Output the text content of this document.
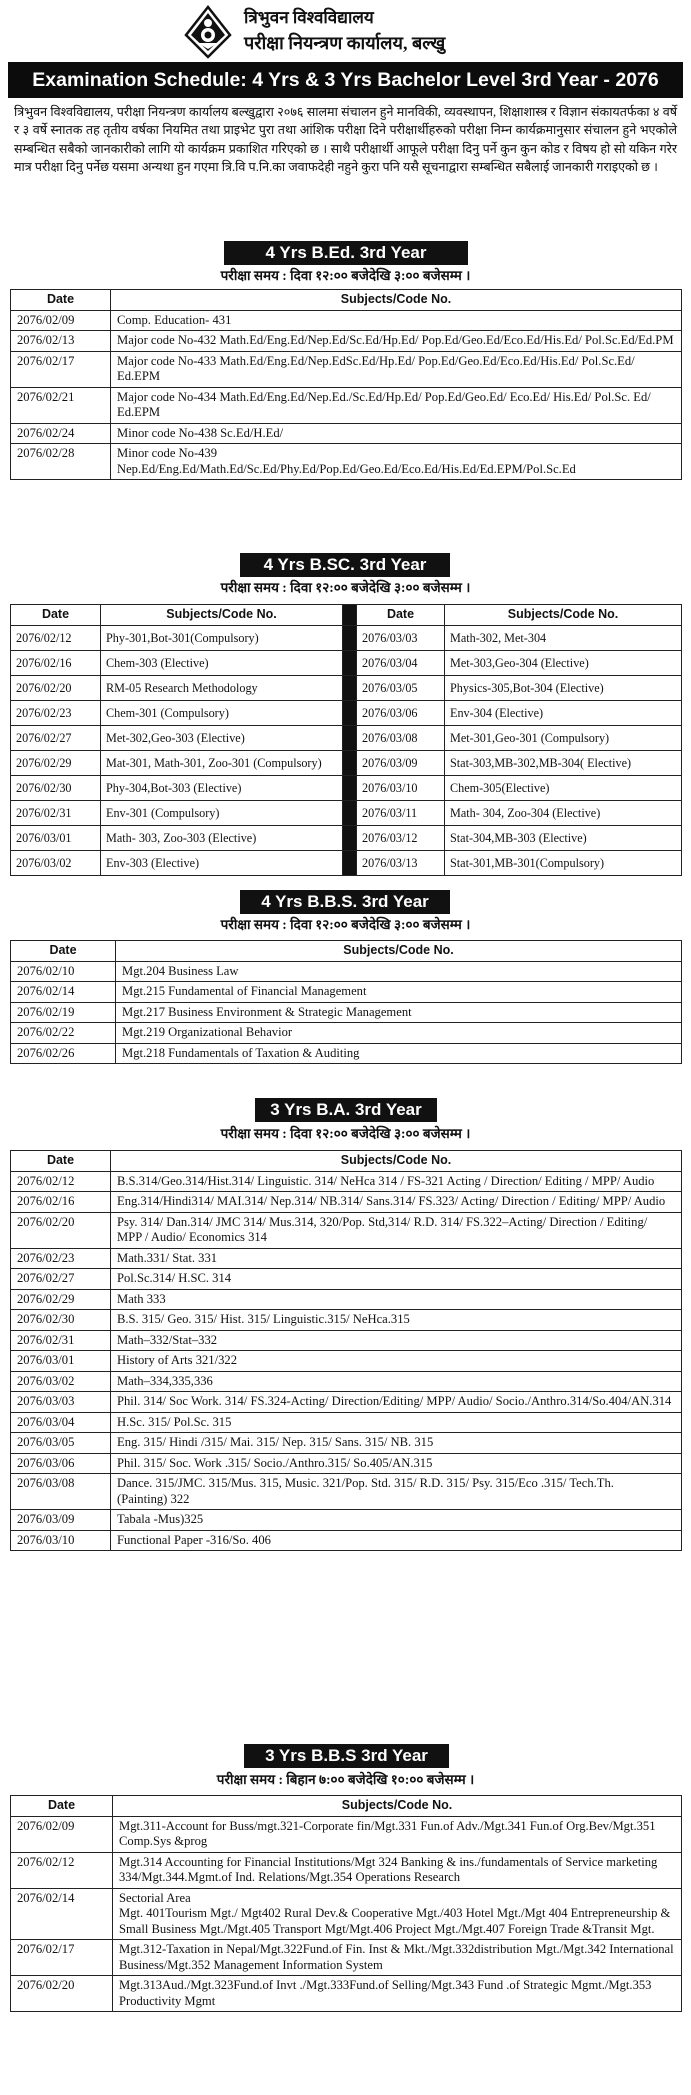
त्रिभुवन विश्वविद्यालय
परीक्षा नियन्त्रण कार्यालय, बल्खु
Examination Schedule: 4 Yrs & 3 Yrs Bachelor Level 3rd Year - 2076
त्रिभुवन विश्वविद्यालय, परीक्षा नियन्त्रण कार्यालय बल्खुद्वारा २०७६ सालमा संचालन हुने मानविकी, व्यवस्थापन, शिक्षाशास्त्र र विज्ञान संकायतर्फका ४ वर्षे र ३ वर्षे स्नातक तह तृतीय वर्षका नियमित तथा प्राइभेट पुरा तथा आंशिक परीक्षा दिने परीक्षार्थीहरुको परीक्षा निम्न कार्यक्रमानुसार संचालन हुने भएकोले सम्बन्धित सबैको जानकारीको लागि यो कार्यक्रम प्रकाशित गरिएको छ । साथै परीक्षार्थी आफूले परीक्षा दिनु पर्ने कुन कुन कोड र विषय हो सो यकिन गरेर मात्र परीक्षा दिनु पर्नेछ यसमा अन्यथा हुन गएमा त्रि.वि प.नि.का जवाफदेही नहुने कुरा पनि यसै सूचनाद्वारा सम्बन्धित सबैलाई जानकारी गराइएको छ ।
4 Yrs B.Ed. 3rd Year
परीक्षा समय : दिवा १२:०० बजेदेखि ३:०० बजेसम्म ।
Date	Subjects/Code No.
2076/02/09	Comp. Education- 431

2076/02/13	Major code No-432 Math.Ed/Eng.Ed/Nep.Ed/Sc.Ed/Hp.Ed/ Pop.Ed/Geo.Ed/Eco.Ed/His.Ed/ Pol.Sc.Ed/Ed.PM

2076/02/17	Major code No-433 Math.Ed/Eng.Ed/Nep.EdSc.Ed/Hp.Ed/ Pop.Ed/Geo.Ed/Eco.Ed/His.Ed/ Pol.Sc.Ed/ Ed.EPM

2076/02/21	Major code No-434 Math.Ed/Eng.Ed/Nep.Ed./Sc.Ed/Hp.Ed/ Pop.Ed/Geo.Ed/ Eco.Ed/ His.Ed/ Pol.Sc. Ed/ Ed.EPM

2076/02/24	Minor code No-438 Sc.Ed/H.Ed/

2076/02/28	Minor code No-439 Nep.Ed/Eng.Ed/Math.Ed/Sc.Ed/Phy.Ed/Pop.Ed/Geo.Ed/Eco.Ed/His.Ed/Ed.EPM/Pol.Sc.Ed
4 Yrs B.SC. 3rd Year
परीक्षा समय : दिवा १२:०० बजेदेखि ३:०० बजेसम्म ।
Date	Subjects/Code No.		Date	Subjects/Code No.
2076/02/12	Phy-301,Bot-301(Compulsory)		2076/03/03	Math-302, Met-304
2076/02/16	Chem-303 (Elective)		2076/03/04	Met-303,Geo-304 (Elective)
2076/02/20	RM-05 Research Methodology		2076/03/05	Physics-305,Bot-304 (Elective)
2076/02/23	Chem-301 (Compulsory)		2076/03/06	Env-304 (Elective)
2076/02/27	Met-302,Geo-303 (Elective)		2076/03/08	Met-301,Geo-301 (Compulsory)
2076/02/29	Mat-301, Math-301, Zoo-301 (Compulsory)		2076/03/09	Stat-303,MB-302,MB-304( Elective)
2076/02/30	Phy-304,Bot-303 (Elective)		2076/03/10	Chem-305(Elective)
2076/02/31	Env-301 (Compulsory)		2076/03/11	Math- 304, Zoo-304 (Elective)
2076/03/01	Math- 303, Zoo-303 (Elective)		2076/03/12	Stat-304,MB-303 (Elective)
2076/03/02	Env-303 (Elective)		2076/03/13	Stat-301,MB-301(Compulsory)
4 Yrs B.B.S. 3rd Year
परीक्षा समय : दिवा १२:०० बजेदेखि ३:०० बजेसम्म ।
Date	Subjects/Code No.
2076/02/10	Mgt.204 Business Law

2076/02/14	Mgt.215 Fundamental of Financial Management

2076/02/19	Mgt.217 Business Environment & Strategic Management

2076/02/22	Mgt.219 Organizational Behavior

2076/02/26	Mgt.218 Fundamentals of Taxation & Auditing
3 Yrs B.A. 3rd Year
परीक्षा समय : दिवा १२:०० बजेदेखि ३:०० बजेसम्म ।
Date	Subjects/Code No.
2076/02/12	B.S.314/Geo.314/Hist.314/ Linguistic. 314/ NeHca 314 / FS-321 Acting / Direction/ Editing / MPP/ Audio

2076/02/16	Eng.314/Hindi314/ MAI.314/ Nep.314/ NB.314/ Sans.314/ FS.323/ Acting/ Direction / Editing/ MPP/ Audio

2076/02/20	Psy. 314/ Dan.314/ JMC 314/ Mus.314, 320/Pop. Std,314/ R.D. 314/ FS.322–Acting/ Direction / Editing/ MPP / Audio/ Economics 314

2076/02/23	Math.331/ Stat. 331

2076/02/27	Pol.Sc.314/ H.SC. 314

2076/02/29	Math 333

2076/02/30	B.S. 315/ Geo. 315/ Hist. 315/ Linguistic.315/ NeHca.315

2076/02/31	Math–332/Stat–332

2076/03/01	History of Arts 321/322

2076/03/02	Math–334,335,336

2076/03/03	Phil. 314/ Soc Work. 314/ FS.324-Acting/ Direction/Editing/ MPP/ Audio/ Socio./Anthro.314/So.404/AN.314

2076/03/04	H.Sc. 315/ Pol.Sc. 315

2076/03/05	Eng. 315/ Hindi /315/ Mai. 315/ Nep. 315/ Sans. 315/ NB. 315

2076/03/06	Phil. 315/ Soc. Work .315/ Socio./Anthro.315/ So.405/AN.315

2076/03/08	Dance. 315/JMC. 315/Mus. 315, Music. 321/Pop. Std. 315/ R.D. 315/ Psy. 315/Eco .315/ Tech.Th.
(Painting) 322

2076/03/09	Tabala -Mus)325

2076/03/10	Functional Paper -316/So. 406
3 Yrs B.B.S 3rd Year
परीक्षा समय : बिहान ७:०० बजेदेखि १०:०० बजेसम्म ।
Date	Subjects/Code No.
2076/02/09	Mgt.311-Account for Buss/mgt.321-Corporate fin/Mgt.331 Fun.of Adv./Mgt.341 Fun.of Org.Bev/Mgt.351 Comp.Sys &prog

2076/02/12	Mgt.314 Accounting for Financial Institutions/Mgt 324 Banking & ins./fundamentals of Service marketing 334/Mgt.344.Mgmt.of Ind. Relations/Mgt.354 Operations Research

2076/02/14	Sectorial Area
Mgt. 401Tourism Mgt./ Mgt402 Rural Dev.& Cooperative Mgt./403 Hotel Mgt./Mgt 404 Entrepreneurship & Small Business Mgt./Mgt.405 Transport Mgt/Mgt.406 Project Mgt./Mgt.407 Foreign Trade &Transit Mgt.

2076/02/17	Mgt.312-Taxation in Nepal/Mgt.322Fund.of Fin. Inst & Mkt./Mgt.332distribution Mgt./Mgt.342 International Business/Mgt.352 Management Information System

2076/02/20	Mgt.313Aud./Mgt.323Fund.of Invt ./Mgt.333Fund.of Selling/Mgt.343 Fund .of Strategic Mgmt./Mgt.353 Productivity Mgmt
